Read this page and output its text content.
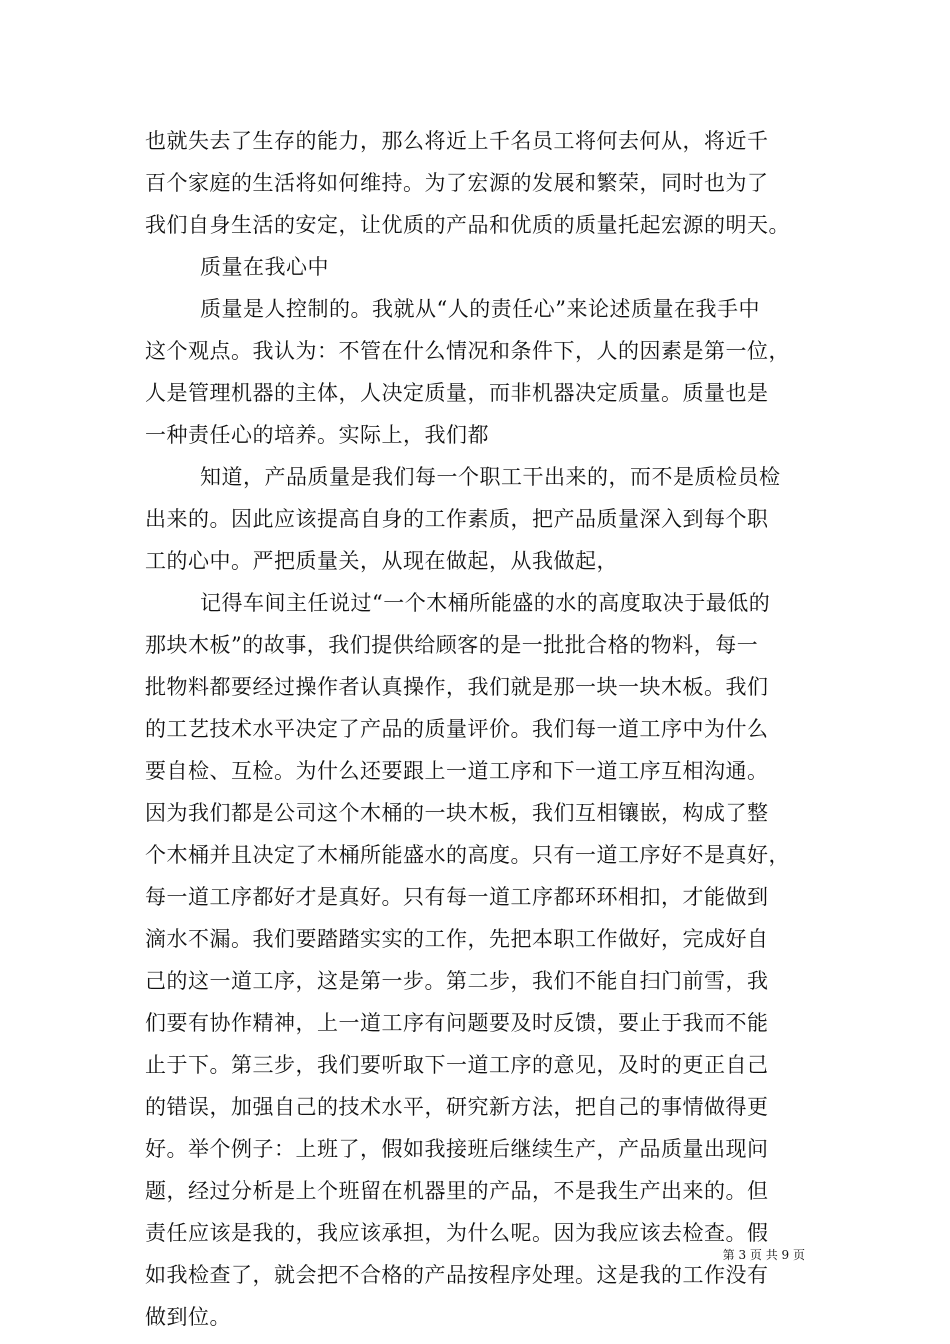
也就失去了生存的能力，那么将近上千名员工将何去何从，将近千
百个家庭的生活将如何维持。为了宏源的发展和繁荣，同时也为了
我们自身生活的安定，让优质的产品和优质的质量托起宏源的明天。
质量在我心中
质量是人控制的。我就从“人的责任心”来论述质量在我手中
这个观点。我认为：不管在什么情况和条件下，人的因素是第一位，
人是管理机器的主体，人决定质量，而非机器决定质量。质量也是
一种责任心的培养。实际上，我们都
知道，产品质量是我们每一个职工干出来的，而不是质检员检
出来的。因此应该提高自身的工作素质，把产品质量深入到每个职
工的心中。严把质量关，从现在做起，从我做起，
记得车间主任说过“一个木桶所能盛的水的高度取决于最低的
那块木板”的故事，我们提供给顾客的是一批批合格的物料，每一
批物料都要经过操作者认真操作，我们就是那一块一块木板。我们
的工艺技术水平决定了产品的质量评价。我们每一道工序中为什么
要自检、互检。为什么还要跟上一道工序和下一道工序互相沟通。
因为我们都是公司这个木桶的一块木板，我们互相镶嵌，构成了整
个木桶并且决定了木桶所能盛水的高度。只有一道工序好不是真好，
每一道工序都好才是真好。只有每一道工序都环环相扣，才能做到
滴水不漏。我们要踏踏实实的工作，先把本职工作做好，完成好自
己的这一道工序，这是第一步。第二步，我们不能自扫门前雪，我
们要有协作精神，上一道工序有问题要及时反馈，要止于我而不能
止于下。第三步，我们要听取下一道工序的意见，及时的更正自己
的错误，加强自己的技术水平，研究新方法，把自己的事情做得更
好。举个例子：上班了，假如我接班后继续生产，产品质量出现问
题，经过分析是上个班留在机器里的产品，不是我生产出来的。但
责任应该是我的，我应该承担，为什么呢。因为我应该去检查。假
如我检查了，就会把不合格的产品按程序处理。这是我的工作没有
做到位。
第 3 页 共 9 页
